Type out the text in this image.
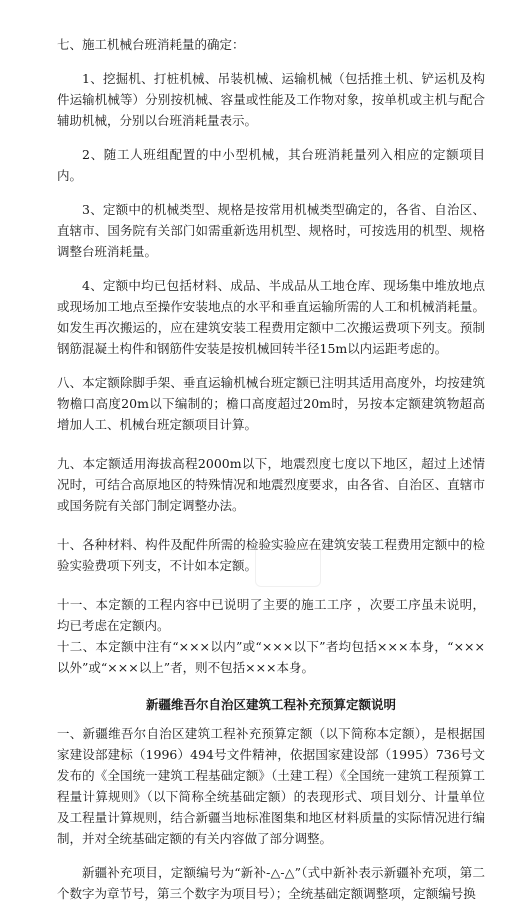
七、施工机械台班消耗量的确定：

1、挖掘机、打桩机械、吊装机械、运输机械（包括推土机、铲运机及构件运输机械等）分别按机械、容量或性能及工作物对象，按单机或主机与配合辅助机械，分别以台班消耗量表示。

2、随工人班组配置的中小型机械，其台班消耗量列入相应的定额项目内。

3、定额中的机械类型、规格是按常用机械类型确定的，各省、自治区、直辖市、国务院有关部门如需重新选用机型、规格时，可按选用的机型、规格调整台班消耗量。

4、定额中均已包括材料、成品、半成品从工地仓库、现场集中堆放地点或现场加工地点至操作安装地点的水平和垂直运输所需的人工和机械消耗量。如发生再次搬运的，应在建筑安装工程费用定额中二次搬运费项下列支。预制钢筋混凝土构件和钢筋件安装是按机械回转半径15m以内运距考虑的。

八、本定额除脚手架、垂直运输机械台班定额已注明其适用高度外，均按建筑物檐口高度20m以下编制的；檐口高度超过20m时，另按本定额建筑物超高增加人工、机械台班定额项目计算。

九、本定额适用海拔高程2000m以下，地震烈度七度以下地区，超过上述情况时，可结合高原地区的特殊情况和地震烈度要求，由各省、自治区、直辖市或国务院有关部门制定调整办法。

十、各种材料、构件及配件所需的检验实验应在建筑安装工程费用定额中的检验实验费项下列支，不计如本定额。

十一、本定额的工程内容中已说明了主要的施工工序 ，次要工序虽未说明，均已考虑在定额内。

十二、本定额中注有“×××以内”或“×××以下”者均包括×××本身，“×××以外”或“×××以上”者，则不包括×××本身。

新疆维吾尔自治区建筑工程补充预算定额说明

一、新疆维吾尔自治区建筑工程补充预算定额（以下简称本定额），是根据国家建设部建标（1996）494号文件精神，依据国家建设部（1995）736号文发布的《全国统一建筑工程基础定额》（土建工程）《全国统一建筑工程预算工程量计算规则》（以下简称全统基础定额）的表现形式、项目划分、计量单位及工程量计算规则，结合新疆当地标准图集和地区材料质量的实际情况进行编制，并对全统基础定额的有关内容做了部分调整。

新疆补充项目，定额编号为“新补-△-△”（式中新补表示新疆补充项，第二个数字为章节号，第三个数字为项目号）；全统基础定额调整项，定额编号换
